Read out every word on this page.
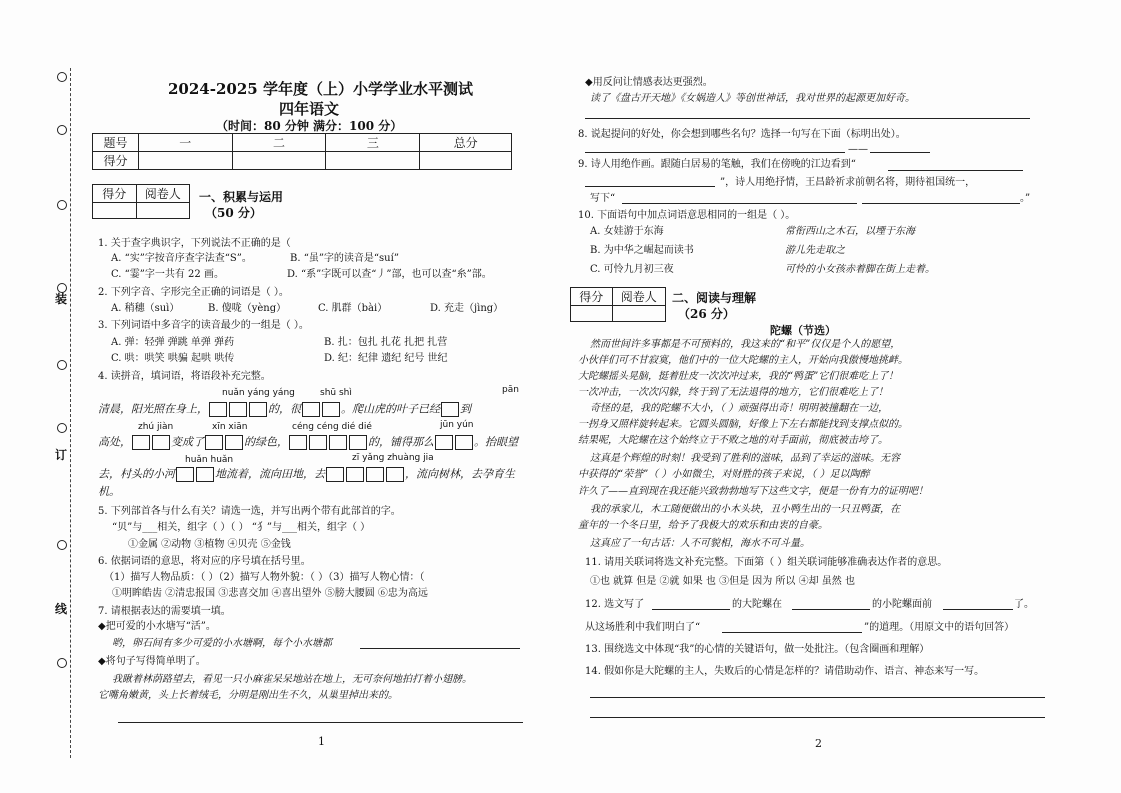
装
订
线
2024-2025 学年度（上）小学学业水平测试
四年语文
（时间：80 分钟 满分：100 分）
题号	一	二	三	总分
得分				
得分	阅卷人
	一、积累与运用
（50 分）
1. 关于查字典识字，下列说法不正确的是（
A. “实”字按音序查字法查“S”。	B. “虽”字的读音是“suí”
C. “霎”字一共有 22 画。	D. “系”字既可以查“丿”部，也可以查“糸”部。
2. 下列字音、字形完全正确的词语是（ ）。
A. 稍穗（suì）	B. 傻咙（yèng）	C. 肌群（bài）	D. 充走（jìng）
3. 下列词语中多音字的读音最少的一组是（ ）。
A. 弹：轻弹 弹跳 单弹 弹药	B. 扎：包扎 扎花 扎把 扎营
C. 哄：哄笑 哄骗 起哄 哄传	D. 纪：纪律 遗纪 纪号 世纪
4. 读拼音，填词语，将语段补充完整。
nuǎn yáng yáng	shū shì	pān
清晨，阳光照在身上，	的，很	。爬山虎的叶子已经 到
zhú jiàn	xīn xiān	céng céng dié dié	jūn yún
高处，	变成了	的绿色，	的，铺得那么	。抬眼望
huǎn huǎn	zī yǎng zhuàng jia
去，村头的小河	地流着，流向田地，去	，流向树林，去孕育生
机。
5. 下列部首各与什么有关？请选一选，并写出两个带有此部首的字。
“贝”与___相关，组字（ ）（ ） “犭”与___相关，组字（ ）
①金属 ②动物 ③植物 ④贝壳 ⑤金钱
6. 依据词语的意思，将对应的序号填在括号里。
（1）描写人物品质：（ ）（2）描写人物外貌：（ ）（3）描写人物心情：（
①明眸皓齿 ②清忠报国 ③悲喜交加 ④喜出望外 ⑤膀大腰圆 ⑥忠为高远
7. 请根据表达的需要填一填。
◆把可爱的小水塘写“活”。
哟，卵石间有多少可爱的小水塘啊，每个小水塘都
◆将句子写得简单明了。
我瞅着林荫路望去，看见一只小麻雀呆呆地站在地上，无可奈何地拍打着小翅膀。
它嘴角嫩黄，头上长着绒毛，分明是刚出生不久，从巢里掉出来的。
1
◆用反问让情感表达更强烈。
读了《盘古开天地》《女娲造人》等创世神话，我对世界的起源更加好奇。
8. 说起提问的好处，你会想到哪些名句？选择一句写在下面（标明出处）。
——
9. 诗人用绝作画。跟随白居易的笔触，我们在傍晚的江边看到“
”，诗人用绝抒情，王昌龄祈求前朝名将，期待祖国统一，
写下“	。”
10. 下面语句中加点词语意思相同的一组是（ ）。
A. 女娃游于东海	常衔西山之木石，以堙于东海
B. 为中华之崛起而读书	游儿先走取之
C. 可怜九月初三夜	可怜的小女孩赤着脚在街上走着。
得分	阅卷人
	二、阅读与理解
（26 分）
陀螺（节选）
然而世间许多事都是不可预料的，我这来的“和平”仅仅是个人的愿望，
小伙伴们可不甘寂寞，他们中的一位大陀螺的主人，开始向我傲慢地挑衅。
大陀螺摇头晃脑，挺着肚皮一次次冲过来，我的“鸭蛋”它们很难吃上了！
一次冲击，一次次闪躲，终于到了无法退得的地方，它们很难吃上了！
奇怪的是，我的陀螺不大小，（ ）顽强得出奇！明明被撞翻在一边，
一拐身又照样旋转起来。它圆头圆脑，好像上下左右都能找到支撑点似的。
结果呢，大陀螺在这个始终立于不败之地的对手面前，彻底被击垮了。
这真是个辉煌的时刻！我受到了胜利的滋味，品到了幸运的滋味。无容
中获得的“荣誉”（ ）小如微尘，对财胜的孩子来说，（ ）足以陶醉
许久了——直到现在我还能兴致勃勃地写下这些文字，便是一份有力的证明吧！
我的承家儿，木工随便做出的小木头块，丑小鸭生出的一只丑鸭蛋，在
童年的一个冬日里，给予了我极大的欢乐和由衷的自豪。
这真应了一句古话：人不可貌相，海水不可斗量。
11. 请用关联词将选文补充完整。下面第（ ）组关联词能够准确表达作者的意思。
①也 就算 但是 ②就 如果 也 ③但是 因为 所以 ④却 虽然 也
12. 选文写了	的大陀螺在	的小陀螺面前	了。
从这场胜利中我们明白了“	”的道理。（用原文中的语句回答）
13. 围绕选文中体现“我”的心情的关键语句，做一处批注。（包含圈画和理解）
14. 假如你是大陀螺的主人，失败后的心情是怎样的？请借助动作、语言、神态来写一写。
2
